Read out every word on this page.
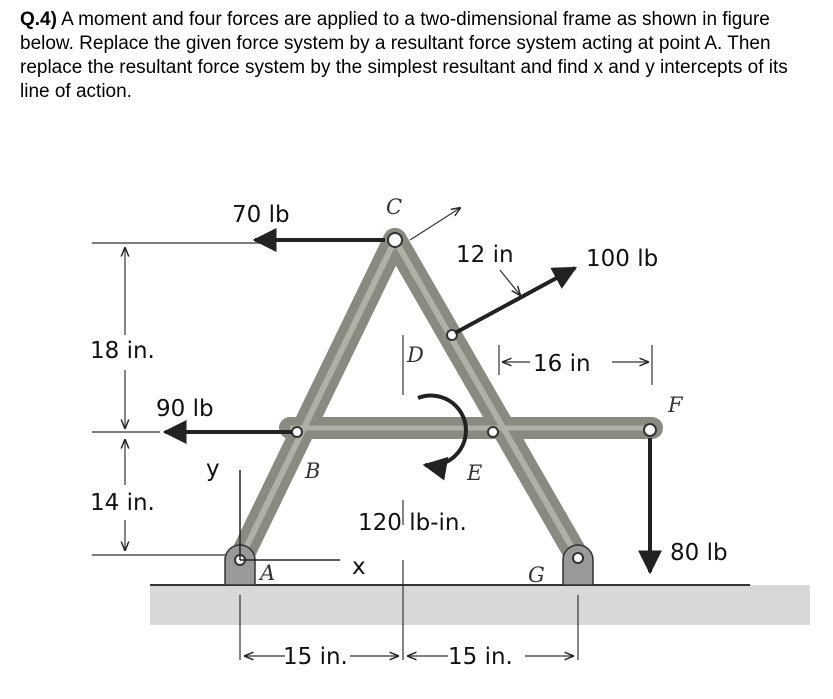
Q.4) A moment and four forces are applied to a two-dimensional frame as shown in figure below. Replace the given force system by a resultant force system acting at point A. Then replace the resultant force system by the simplest resultant and find x and y intercepts of its line of action.

70 lb
100 lb
90 lb
80 lb
120 lb-in.
12 in
16 in
18 in.
14 in.
15 in.	15 in.
x
y
A
B
C
D
E
F
G
